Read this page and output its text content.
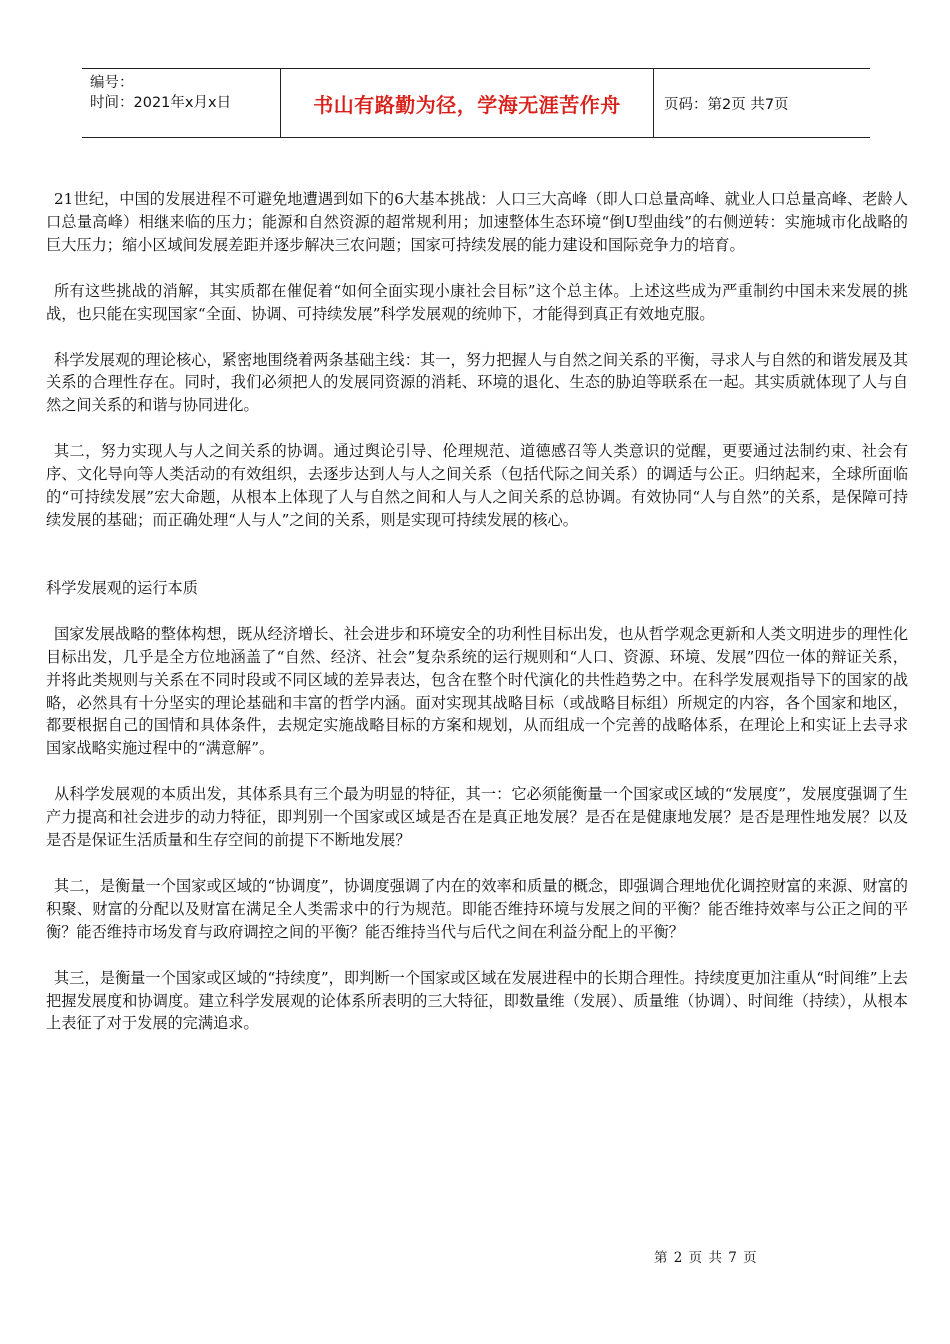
编号：
时间：2021年x月x日	书山有路勤为径，学海无涯苦作舟	页码：第2页 共7页

21世纪，中国的发展进程不可避免地遭遇到如下的6大基本挑战：人口三大高峰（即人口总量高峰、就业人口总量高峰、老龄人口总量高峰）相继来临的压力；能源和自然资源的超常规利用；加速整体生态环境“倒U型曲线”的右侧逆转：实施城市化战略的巨大压力；缩小区域间发展差距并逐步解决三农问题；国家可持续发展的能力建设和国际竞争力的培育。

所有这些挑战的消解，其实质都在催促着“如何全面实现小康社会目标”这个总主体。上述这些成为严重制约中国未来发展的挑战，也只能在实现国家“全面、协调、可持续发展”科学发展观的统帅下，才能得到真正有效地克服。

科学发展观的理论核心，紧密地围绕着两条基础主线：其一，努力把握人与自然之间关系的平衡，寻求人与自然的和谐发展及其关系的合理性存在。同时，我们必须把人的发展同资源的消耗、环境的退化、生态的胁迫等联系在一起。其实质就体现了人与自然之间关系的和谐与协同进化。

其二，努力实现人与人之间关系的协调。通过舆论引导、伦理规范、道德感召等人类意识的觉醒，更要通过法制约束、社会有序、文化导向等人类活动的有效组织，去逐步达到人与人之间关系（包括代际之间关系）的调适与公正。归纳起来，全球所面临的“可持续发展”宏大命题，从根本上体现了人与自然之间和人与人之间关系的总协调。有效协同“人与自然”的关系，是保障可持续发展的基础；而正确处理“人与人”之间的关系，则是实现可持续发展的核心。

科学发展观的运行本质

国家发展战略的整体构想，既从经济增长、社会进步和环境安全的功利性目标出发，也从哲学观念更新和人类文明进步的理性化目标出发，几乎是全方位地涵盖了“自然、经济、社会”复杂系统的运行规则和“人口、资源、环境、发展”四位一体的辩证关系，并将此类规则与关系在不同时段或不同区域的差异表达，包含在整个时代演化的共性趋势之中。在科学发展观指导下的国家的战略，必然具有十分坚实的理论基础和丰富的哲学内涵。面对实现其战略目标（或战略目标组）所规定的内容，各个国家和地区，都要根据自己的国情和具体条件，去规定实施战略目标的方案和规划，从而组成一个完善的战略体系，在理论上和实证上去寻求国家战略实施过程中的“满意解”。

从科学发展观的本质出发，其体系具有三个最为明显的特征，其一：它必须能衡量一个国家或区域的“发展度”，发展度强调了生产力提高和社会进步的动力特征，即判别一个国家或区域是否在是真正地发展？是否在是健康地发展？是否是理性地发展？以及是否是保证生活质量和生存空间的前提下不断地发展？

其二，是衡量一个国家或区域的“协调度”，协调度强调了内在的效率和质量的概念，即强调合理地优化调控财富的来源、财富的积聚、财富的分配以及财富在满足全人类需求中的行为规范。即能否维持环境与发展之间的平衡？能否维持效率与公正之间的平衡？能否维持市场发育与政府调控之间的平衡？能否维持当代与后代之间在利益分配上的平衡？

其三，是衡量一个国家或区域的“持续度”，即判断一个国家或区域在发展进程中的长期合理性。持续度更加注重从“时间维”上去把握发展度和协调度。建立科学发展观的论体系所表明的三大特征，即数量维（发展）、质量维（协调）、时间维（持续），从根本上表征了对于发展的完满追求。

第 2 页 共 7 页
